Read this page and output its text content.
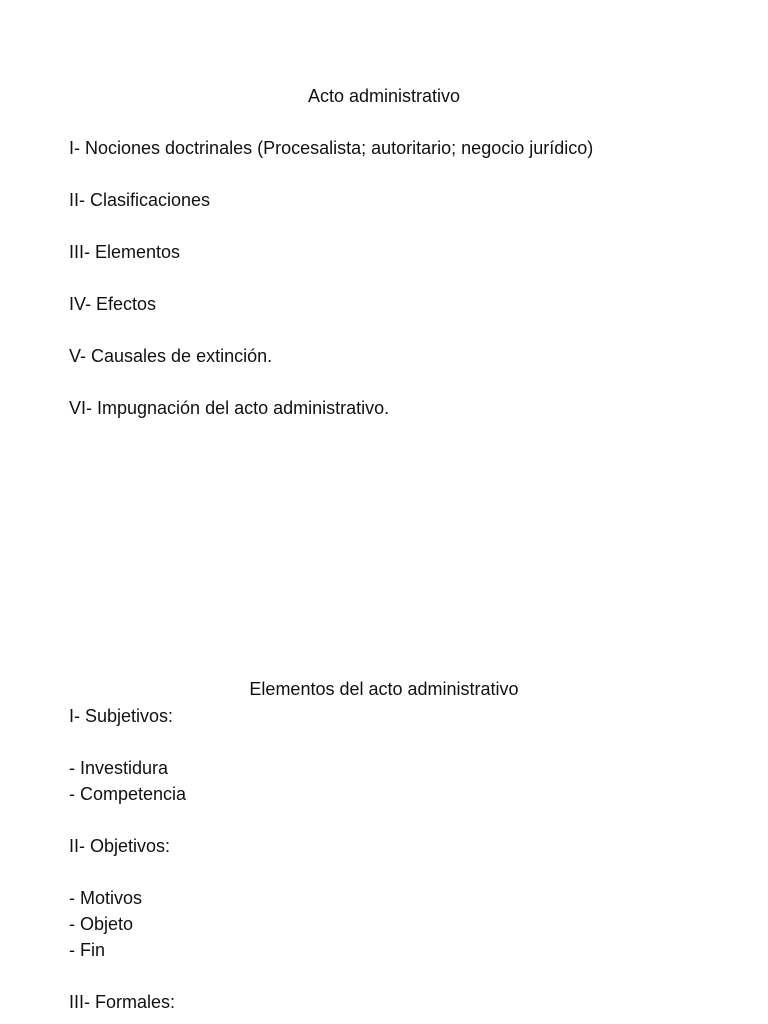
Acto administrativo
I- Nociones doctrinales (Procesalista; autoritario; negocio jurídico)
II- Clasificaciones
III- Elementos
IV- Efectos
V- Causales de extinción.
VI- Impugnación del acto administrativo.
Elementos del acto administrativo
I- Subjetivos:
- Investidura
- Competencia
II- Objetivos:
- Motivos
- Objeto
- Fin
III- Formales:
